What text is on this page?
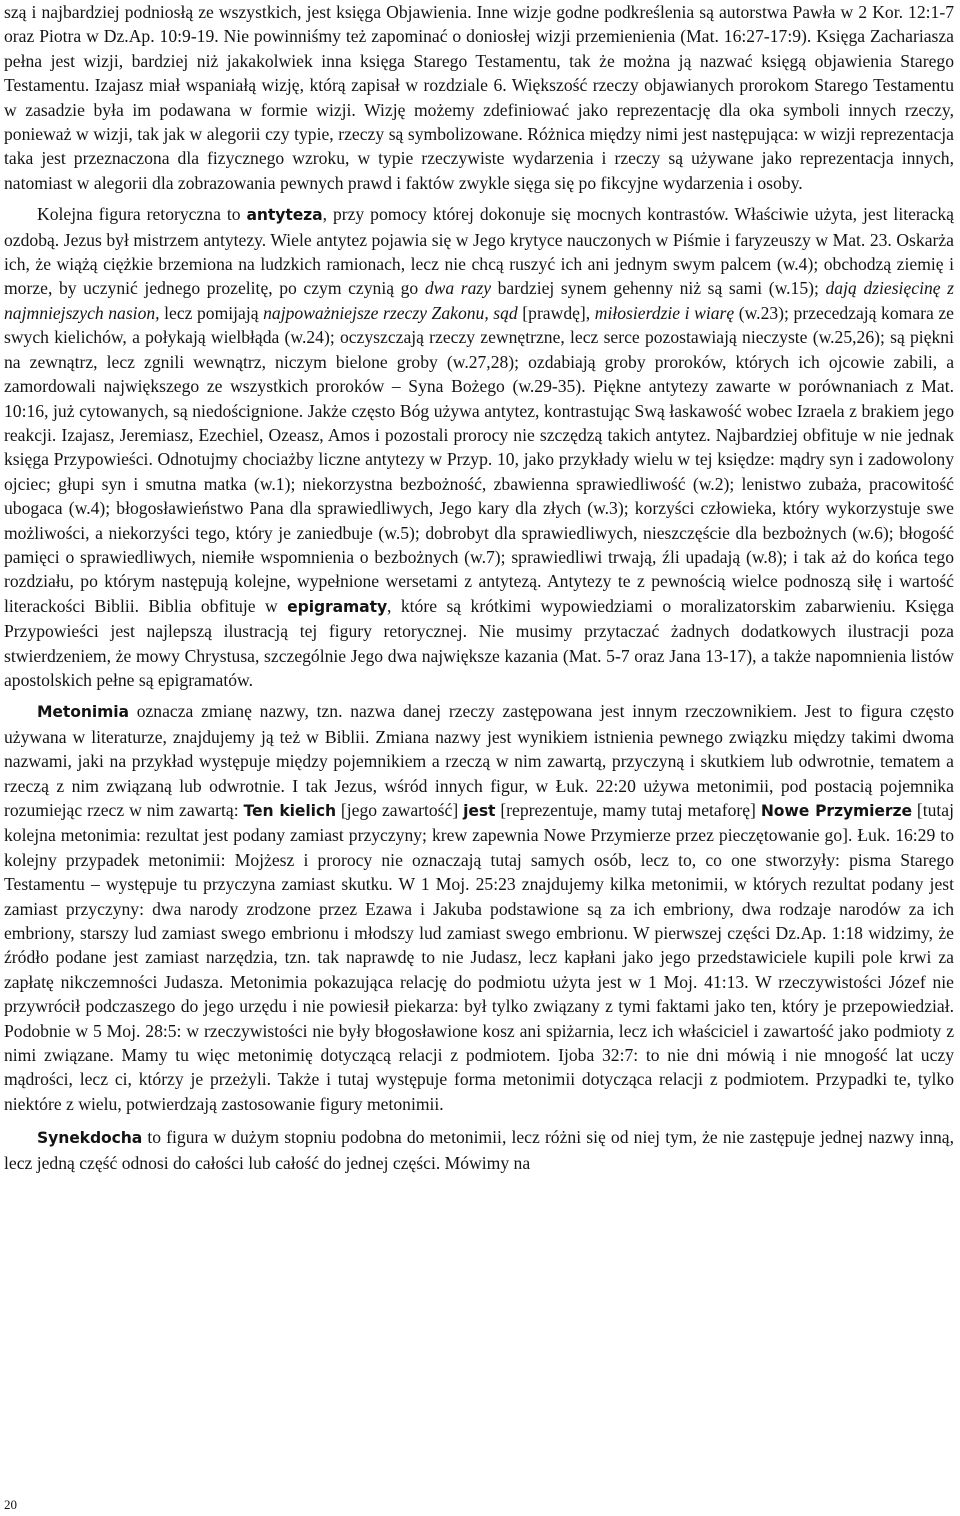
szą i najbardziej podniosłą ze wszystkich, jest księga Objawienia. Inne wizje godne podkreślenia są autorstwa Pawła w 2 Kor. 12:1-7 oraz Piotra w Dz.Ap. 10:9-19. Nie powinniśmy też zapominać o doniosłej wizji przemienienia (Mat. 16:27-17:9). Księga Zachariasza pełna jest wizji, bardziej niż jakakolwiek inna księga Starego Testamentu, tak że można ją nazwać księgą objawienia Starego Testamentu. Izajasz miał wspaniałą wizję, którą zapisał w rozdziale 6. Większość rzeczy objawianych prorokom Starego Testamentu w zasadzie była im podawana w formie wizji. Wizję możemy zdefiniować jako reprezentację dla oka symboli innych rzeczy, ponieważ w wizji, tak jak w alegorii czy typie, rzeczy są symbolizowane. Różnica między nimi jest następująca: w wizji reprezentacja taka jest przeznaczona dla fizycznego wzroku, w typie rzeczywiste wydarzenia i rzeczy są używane jako reprezentacja innych, natomiast w alegorii dla zobrazowania pewnych prawd i faktów zwykle sięga się po fikcyjne wydarzenia i osoby.

Kolejna figura retoryczna to antyteza, przy pomocy której dokonuje się mocnych kontrastów. Właściwie użyta, jest literacką ozdobą. Jezus był mistrzem antytezy. Wiele antytez pojawia się w Jego krytyce nauczonych w Piśmie i faryzeuszy w Mat. 23. Oskarża ich, że wiążą ciężkie brzemiona na ludzkich ramionach, lecz nie chcą ruszyć ich ani jednym swym palcem (w.4); obchodzą ziemię i morze, by uczynić jednego prozelitę, po czym czynią go dwa razy bardziej synem gehenny niż są sami (w.15); dają dziesięcinę z najmniejszych nasion, lecz pomijają najpoważniejsze rzeczy Zakonu, sąd [prawdę], miłosierdzie i wiarę (w.23); przecedzają komara ze swych kielichów, a połykają wielbłąda (w.24); oczyszczają rzeczy zewnętrzne, lecz serce pozostawiają nieczyste (w.25,26); są piękni na zewnątrz, lecz zgnili wewnątrz, niczym bielone groby (w.27,28); ozdabiają groby proroków, których ich ojcowie zabili, a zamordowali największego ze wszystkich proroków – Syna Bożego (w.29-35). Piękne antytezy zawarte w porównaniach z Mat. 10:16, już cytowanych, są niedoścignione. Jakże często Bóg używa antytez, kontrastując Swą łaskawość wobec Izraela z brakiem jego reakcji. Izajasz, Jeremiasz, Ezechiel, Ozeasz, Amos i pozostali prorocy nie szczędzą takich antytez. Najbardziej obfituje w nie jednak księga Przypowieści. Odnotujmy chociażby liczne antytezy w Przyp. 10, jako przykłady wielu w tej księdze: mądry syn i zadowolony ojciec; głupi syn i smutna matka (w.1); niekorzystna bezbożność, zbawienna sprawiedliwość (w.2); lenistwo zubaża, pracowitość ubogaca (w.4); błogosławieństwo Pana dla sprawiedliwych, Jego kary dla złych (w.3); korzyści człowieka, który wykorzystuje swe możliwości, a niekorzyści tego, który je zaniedbuje (w.5); dobrobyt dla sprawiedliwych, nieszczęście dla bezbożnych (w.6); błogość pamięci o sprawiedliwych, niemiłe wspomnienia o bezbożnych (w.7); sprawiedliwi trwają, źli upadają (w.8); i tak aż do końca tego rozdziału, po którym następują kolejne, wypełnione wersetami z antytezą. Antytezy te z pewnością wielce podnoszą siłę i wartość literackości Biblii. Biblia obfituje w epigramaty, które są krótkimi wypowiedziami o moralizatorskim zabarwieniu. Księga Przypowieści jest najlepszą ilustracją tej figury retorycznej. Nie musimy przytaczać żadnych dodatkowych ilustracji poza stwierdzeniem, że mowy Chrystusa, szczególnie Jego dwa największe kazania (Mat. 5-7 oraz Jana 13-17), a także napomnienia listów apostolskich pełne są epigramatów.

Metonimia oznacza zmianę nazwy, tzn. nazwa danej rzeczy zastępowana jest innym rzeczownikiem. Jest to figura często używana w literaturze, znajdujemy ją też w Biblii. Zmiana nazwy jest wynikiem istnienia pewnego związku między takimi dwoma nazwami, jaki na przykład występuje między pojemnikiem a rzeczą w nim zawartą, przyczyną i skutkiem lub odwrotnie, tematem a rzeczą z nim związaną lub odwrotnie. I tak Jezus, wśród innych figur, w Łuk. 22:20 używa metonimii, pod postacią pojemnika rozumiejąc rzecz w nim zawartą: Ten kielich [jego zawartość] jest [reprezentuje, mamy tutaj metaforę] Nowe Przymierze [tutaj kolejna metonimia: rezultat jest podany zamiast przyczyny; krew zapewnia Nowe Przymierze przez pieczętowanie go]. Łuk. 16:29 to kolejny przypadek metonimii: Mojżesz i prorocy nie oznaczają tutaj samych osób, lecz to, co one stworzyły: pisma Starego Testamentu – występuje tu przyczyna zamiast skutku. W 1 Moj. 25:23 znajdujemy kilka metonimii, w których rezultat podany jest zamiast przyczyny: dwa narody zrodzone przez Ezawa i Jakuba podstawione są za ich embriony, dwa rodzaje narodów za ich embriony, starszy lud zamiast swego embrionu i młodszy lud zamiast swego embrionu. W pierwszej części Dz.Ap. 1:18 widzimy, że źródło podane jest zamiast narzędzia, tzn. tak naprawdę to nie Judasz, lecz kapłani jako jego przedstawiciele kupili pole krwi za zapłatę nikczemności Judasza. Metonimia pokazująca relację do podmiotu użyta jest w 1 Moj. 41:13. W rzeczywistości Józef nie przywrócił podczaszego do jego urzędu i nie powiesił piekarza: był tylko związany z tymi faktami jako ten, który je przepowiedział. Podobnie w 5 Moj. 28:5: w rzeczywistości nie były błogosławione kosz ani spiżarnia, lecz ich właściciel i zawartość jako podmioty z nimi związane. Mamy tu więc metonimię dotyczącą relacji z podmiotem. Ijoba 32:7: to nie dni mówią i nie mnogość lat uczy mądrości, lecz ci, którzy je przeżyli. Także i tutaj występuje forma metonimii dotycząca relacji z podmiotem. Przypadki te, tylko niektóre z wielu, potwierdzają zastosowanie figury metonimii.

Synekdocha to figura w dużym stopniu podobna do metonimii, lecz różni się od niej tym, że nie zastępuje jednej nazwy inną, lecz jedną część odnosi do całości lub całość do jednej części. Mówimy na

20
